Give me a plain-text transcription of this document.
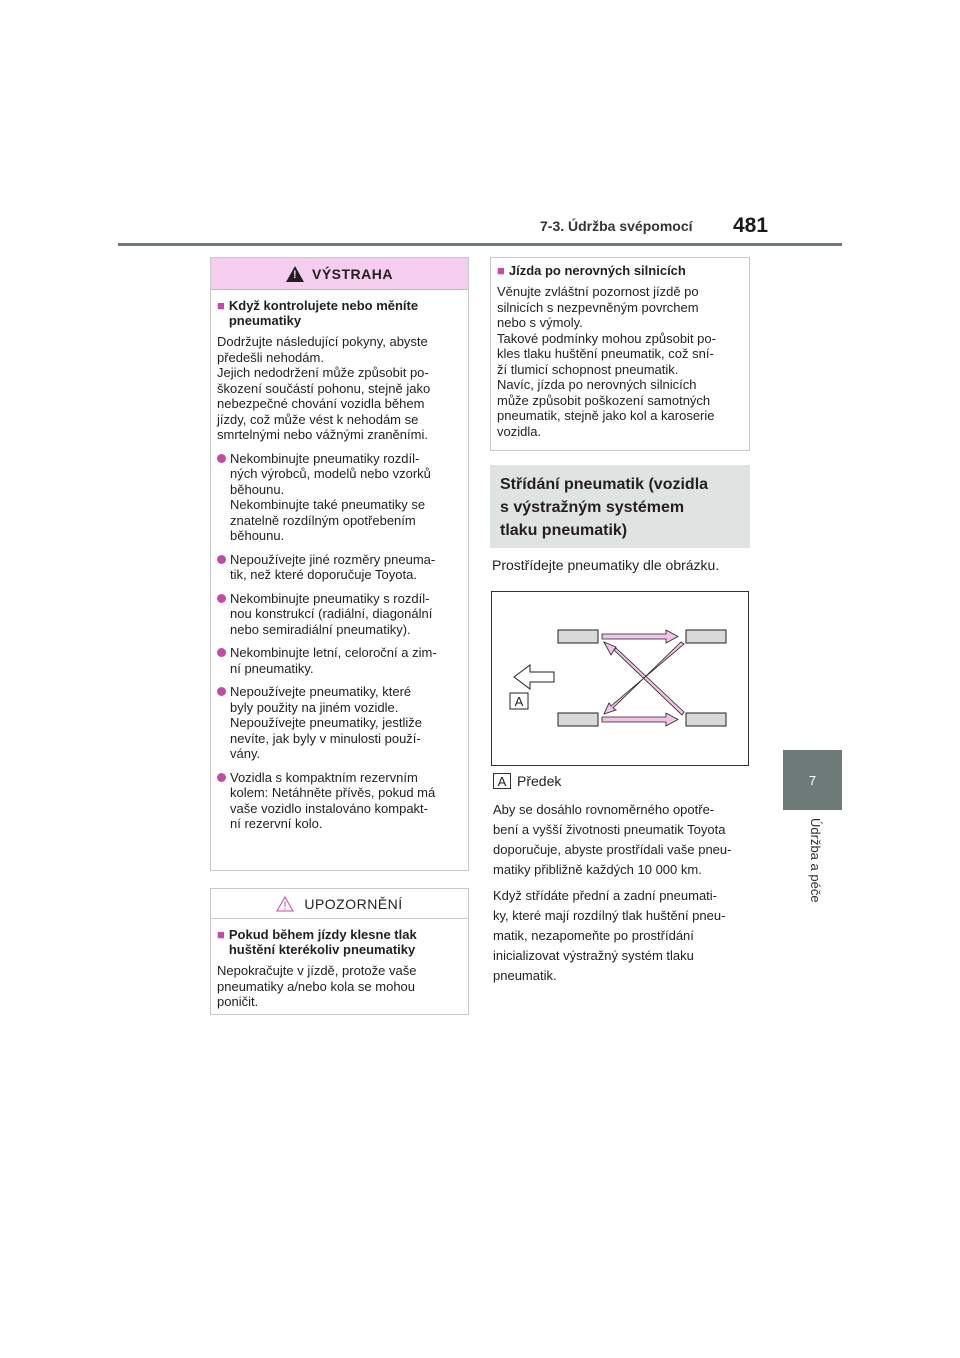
7-3. Údržba svépomocí 481
7
Údržba a péče
!
VÝSTRAHA
■ Když kontrolujete nebo měníte pneumatiky
Dodržujte následující pokyny, abyste
předešli nehodám.
Jejich nedodržení může způsobit po-
škození součástí pohonu, stejně jako
nebezpečné chování vozidla během
jízdy, což může vést k nehodám se
smrtelnými nebo vážnými zraněními.
Nekombinujte pneumatiky rozdíl-
ných výrobců, modelů nebo vzorků
běhounu.
Nekombinujte také pneumatiky se
znatelně rozdílným opotřebením
běhounu.
Nepoužívejte jiné rozměry pneuma-
tik, než které doporučuje Toyota.
Nekombinujte pneumatiky s rozdíl-
nou konstrukcí (radiální, diagonální
nebo semiradiální pneumatiky).
Nekombinujte letní, celoroční a zim-
ní pneumatiky.
Nepoužívejte pneumatiky, které
byly použity na jiném vozidle.
Nepoužívejte pneumatiky, jestliže
nevíte, jak byly v minulosti použí-
vány.
Vozidla s kompaktním rezervním
kolem: Netáhněte přívěs, pokud má
vaše vozidlo instalováno kompakt-
ní rezervní kolo.
UPOZORNĚNÍ
■ Pokud během jízdy klesne tlak huštění kterékoliv pneumatiky
Nepokračujte v jízdě, protože vaše
pneumatiky a/nebo kola se mohou
poničit.
■ Jízda po nerovných silnicích
Věnujte zvláštní pozornost jízdě po
silnicích s nezpevněným povrchem
nebo s výmoly.
Takové podmínky mohou způsobit po-
kles tlaku huštění pneumatik, což sní-
ží tlumicí schopnost pneumatik.
Navíc, jízda po nerovných silnicích
může způsobit poškození samotných
pneumatik, stejně jako kol a karoserie
vozidla.
Střídání pneumatik (vozidla
s výstražným systémem
tlaku pneumatik)
Prostřídejte pneumatiky dle obrázku.
A
A Předek
Aby se dosáhlo rovnoměrného opotře-
bení a vyšší životnosti pneumatik Toyota
doporučuje, abyste prostřídali vaše pneu-
matiky přibližně každých 10 000 km.
Když střídáte přední a zadní pneumati-
ky, které mají rozdílný tlak huštění pneu-
matik, nezapomeňte po prostřídání
inicializovat výstražný systém tlaku
pneumatik.
